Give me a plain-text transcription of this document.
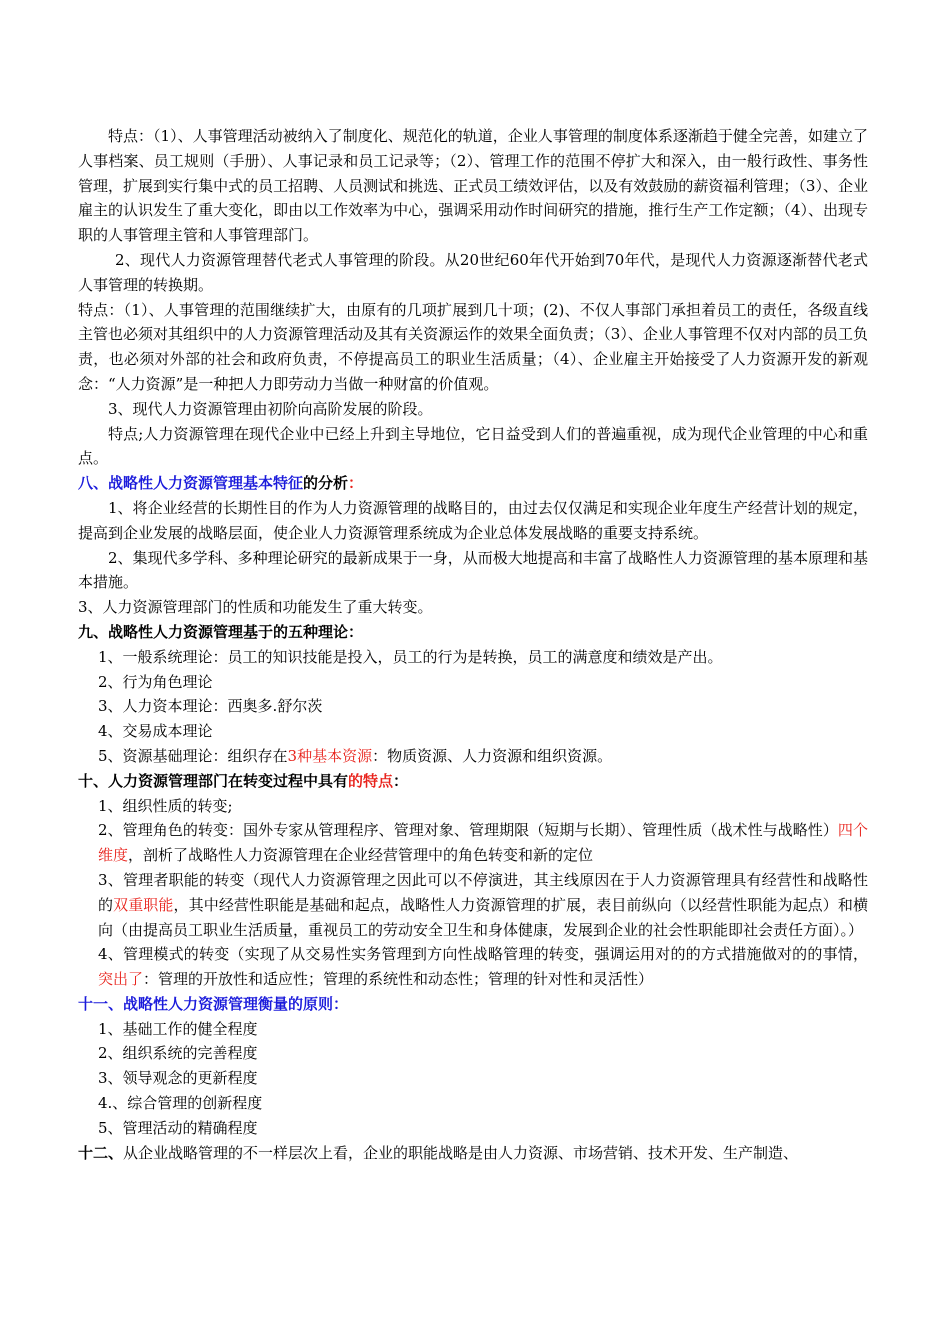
特点：（1）、人事管理活动被纳入了制度化、规范化的轨道，企业人事管理的制度体系逐渐趋于健全完善，如建立了人事档案、员工规则（手册）、人事记录和员工记录等；（2）、管理工作的范围不停扩大和深入，由一般行政性、事务性管理，扩展到实行集中式的员工招聘、人员测试和挑选、正式员工绩效评估，以及有效鼓励的薪资福利管理；（3）、企业雇主的认识发生了重大变化，即由以工作效率为中心，强调采用动作时间研究的措施，推行生产工作定额；（4）、出现专职的人事管理主管和人事管理部门。

2、现代人力资源管理替代老式人事管理的阶段。从20世纪60年代开始到70年代，是现代人力资源逐渐替代老式人事管理的转换期。

特点：（1）、人事管理的范围继续扩大，由原有的几项扩展到几十项；(2)、不仅人事部门承担着员工的责任，各级直线主管也必须对其组织中的人力资源管理活动及其有关资源运作的效果全面负责；（3）、企业人事管理不仅对内部的员工负责，也必须对外部的社会和政府负责，不停提高员工的职业生活质量；（4）、企业雇主开始接受了人力资源开发的新观念：“人力资源”是一种把人力即劳动力当做一种财富的价值观。

3、现代人力资源管理由初阶向高阶发展的阶段。

特点;人力资源管理在现代企业中已经上升到主导地位，它日益受到人们的普遍重视，成为现代企业管理的中心和重点。

八、战略性人力资源管理基本特征的分析：

1、将企业经营的长期性目的作为人力资源管理的战略目的，由过去仅仅满足和实现企业年度生产经营计划的规定，提高到企业发展的战略层面，使企业人力资源管理系统成为企业总体发展战略的重要支持系统。

2、集现代多学科、多种理论研究的最新成果于一身，从而极大地提高和丰富了战略性人力资源管理的基本原理和基本措施。

3、人力资源管理部门的性质和功能发生了重大转变。

九、战略性人力资源管理基于的五种理论：

1、一般系统理论：员工的知识技能是投入，员工的行为是转换，员工的满意度和绩效是产出。

2、行为角色理论

3、人力资本理论：西奥多.舒尔茨

4、交易成本理论

5、资源基础理论：组织存在3种基本资源：物质资源、人力资源和组织资源。

十、人力资源管理部门在转变过程中具有的特点：

1、组织性质的转变;

2、管理角色的转变：国外专家从管理程序、管理对象、管理期限（短期与长期）、管理性质（战术性与战略性）四个维度，剖析了战略性人力资源管理在企业经营管理中的角色转变和新的定位

3、管理者职能的转变（现代人力资源管理之因此可以不停演进，其主线原因在于人力资源管理具有经营性和战略性的双重职能，其中经营性职能是基础和起点，战略性人力资源管理的扩展，表目前纵向（以经营性职能为起点）和横向（由提高员工职业生活质量，重视员工的劳动安全卫生和身体健康，发展到企业的社会性职能即社会责任方面）。）

4、管理模式的转变（实现了从交易性实务管理到方向性战略管理的转变，强调运用对的的方式措施做对的的事情，突出了：管理的开放性和适应性；管理的系统性和动态性；管理的针对性和灵活性）

十一、战略性人力资源管理衡量的原则：

1、基础工作的健全程度

2、组织系统的完善程度

3、领导观念的更新程度

4.、综合管理的创新程度

5、管理活动的精确程度

十二、从企业战略管理的不一样层次上看，企业的职能战略是由人力资源、市场营销、技术开发、生产制造、
